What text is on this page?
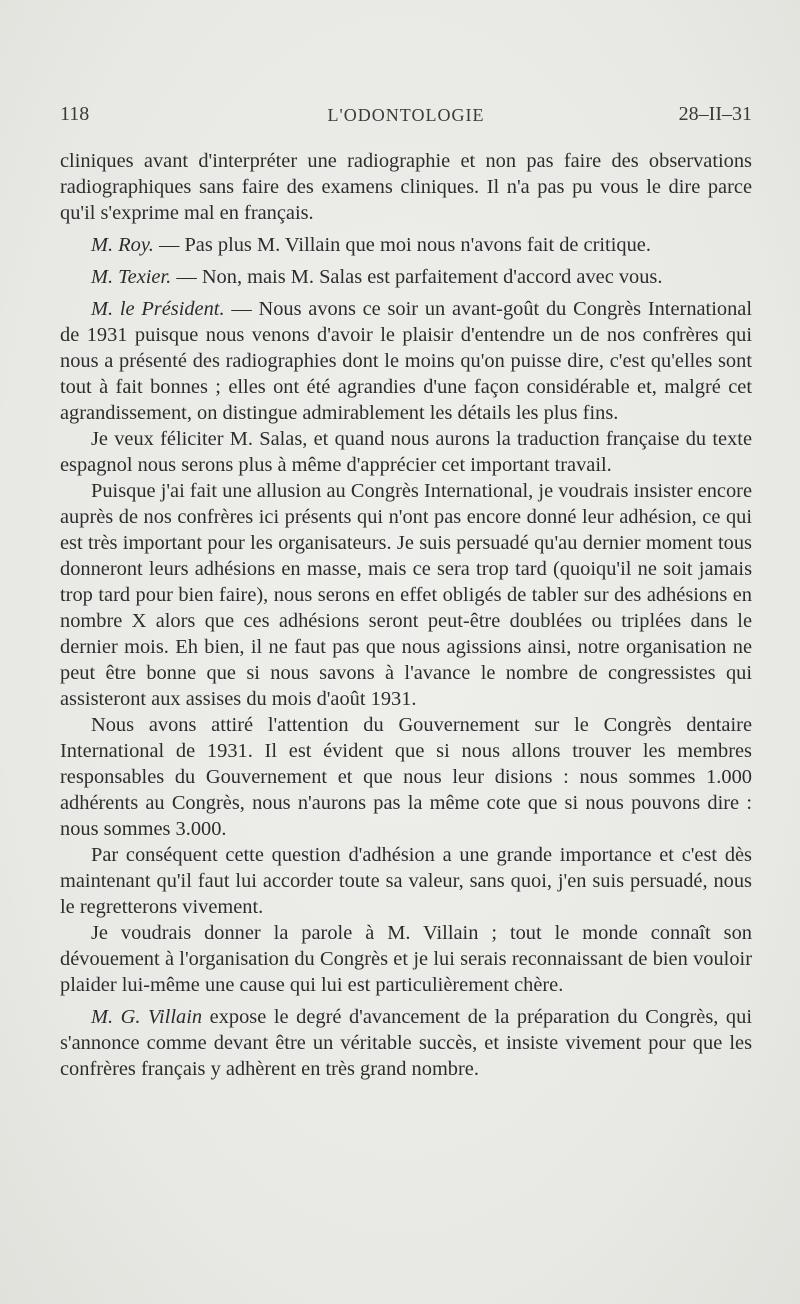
118	L'ODONTOLOGIE	28–II–31

cliniques avant d'interpréter une radiographie et non pas faire des observations radiographiques sans faire des examens cliniques. Il n'a pas pu vous le dire parce qu'il s'exprime mal en français.

M. Roy. — Pas plus M. Villain que moi nous n'avons fait de critique.

M. Texier. — Non, mais M. Salas est parfaitement d'accord avec vous.

M. le Président. — Nous avons ce soir un avant-goût du Congrès International de 1931 puisque nous venons d'avoir le plaisir d'entendre un de nos confrères qui nous a présenté des radiographies dont le moins qu'on puisse dire, c'est qu'elles sont tout à fait bonnes ; elles ont été agrandies d'une façon considérable et, malgré cet agrandissement, on distingue admirablement les détails les plus fins.

Je veux féliciter M. Salas, et quand nous aurons la traduction française du texte espagnol nous serons plus à même d'apprécier cet important travail.

Puisque j'ai fait une allusion au Congrès International, je voudrais insister encore auprès de nos confrères ici présents qui n'ont pas encore donné leur adhésion, ce qui est très important pour les organisateurs. Je suis persuadé qu'au dernier moment tous donneront leurs adhésions en masse, mais ce sera trop tard (quoiqu'il ne soit jamais trop tard pour bien faire), nous serons en effet obligés de tabler sur des adhésions en nombre X alors que ces adhésions seront peut-être doublées ou triplées dans le dernier mois. Eh bien, il ne faut pas que nous agissions ainsi, notre organisation ne peut être bonne que si nous savons à l'avance le nombre de congressistes qui assisteront aux assises du mois d'août 1931.

Nous avons attiré l'attention du Gouvernement sur le Congrès dentaire International de 1931. Il est évident que si nous allons trouver les membres responsables du Gouvernement et que nous leur disions : nous sommes 1.000 adhérents au Congrès, nous n'aurons pas la même cote que si nous pouvons dire : nous sommes 3.000.

Par conséquent cette question d'adhésion a une grande importance et c'est dès maintenant qu'il faut lui accorder toute sa valeur, sans quoi, j'en suis persuadé, nous le regretterons vivement.

Je voudrais donner la parole à M. Villain ; tout le monde connaît son dévouement à l'organisation du Congrès et je lui serais reconnaissant de bien vouloir plaider lui-même une cause qui lui est particulièrement chère.

M. G. Villain expose le degré d'avancement de la préparation du Congrès, qui s'annonce comme devant être un véritable succès, et insiste vivement pour que les confrères français y adhèrent en très grand nombre.
